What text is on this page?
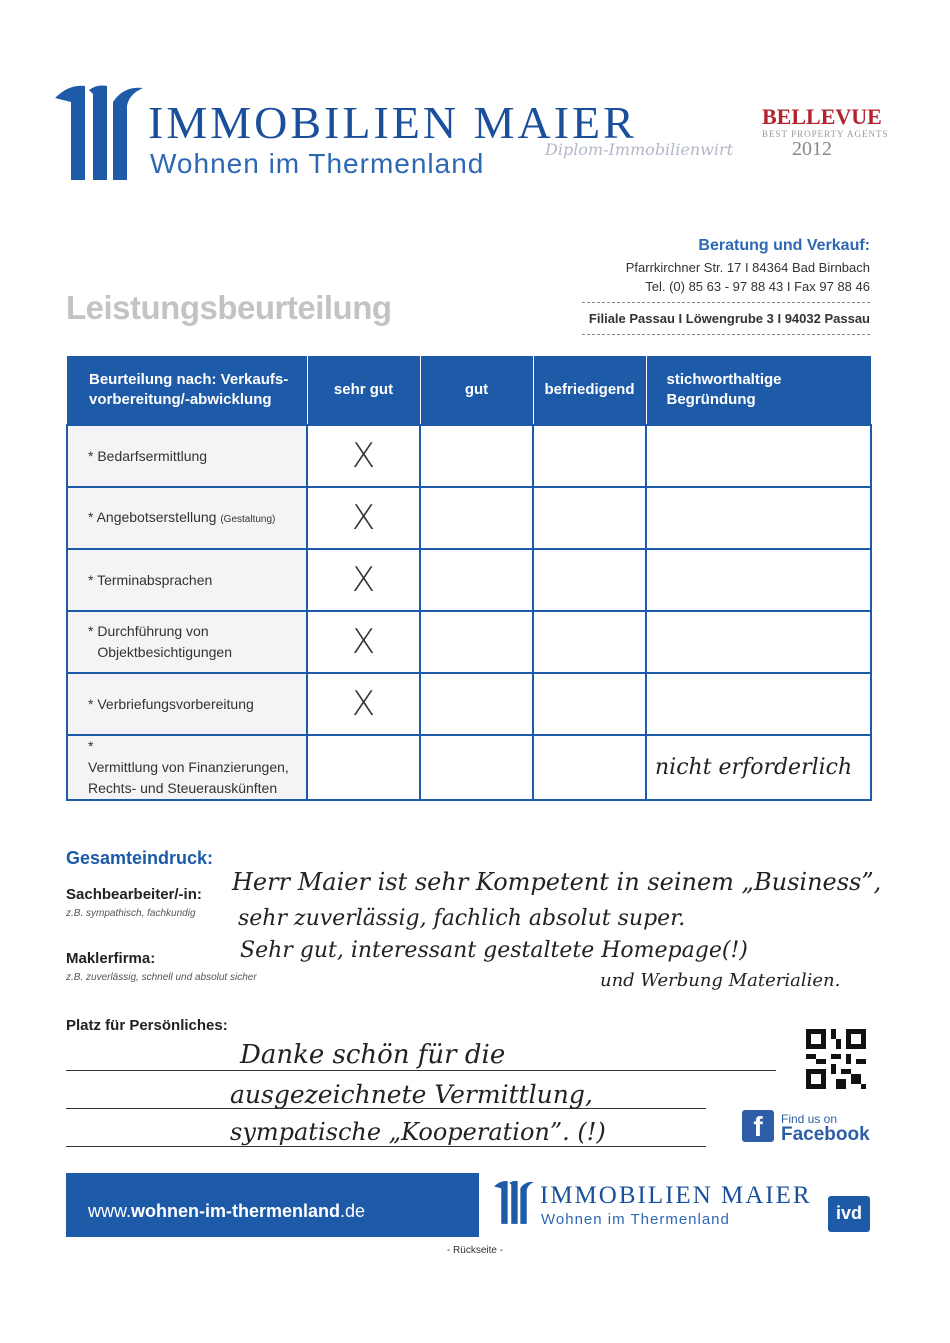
IMMOBILIEN MAIER
Wohnen im Thermenland	Diplom-Immobilienwirt
BELLEVUE
BEST PROPERTY AGENTS
2012
Beratung und Verkauf:
Pfarrkirchner Str. 17 I 84364 Bad Birnbach
Tel. (0) 85 63 - 97 88 43 I Fax 97 88 46
Filiale Passau I Löwengrube 3 I 94032 Passau
Leistungsbeurteilung
Beurteilung nach: Verkaufs-vorbereitung/-abwicklung	sehr gut	gut	befriedigend	stichworthaltige Begründung
* Bedarfsermittlung	X			
* Angebotserstellung (Gestaltung)	X			
* Terminabsprachen	X			
* Durchführung von Objektbesichtigungen	X			
* Verbriefungsvorbereitung	X			
* Vermittlung von Finanzierungen, Rechts- und Steuerauskünften				nicht erforderlich
Gesamteindruck:
Sachbearbeiter/-in:
z.B. sympathisch, fachkundig
Herr Maier ist sehr Kompetent in seinem „Business”,
sehr zuverlässig, fachlich absolut super.
Maklerfirma:
z.B. zuverlässig, schnell und absolut sicher
Sehr gut, interessant gestaltete Homepage(!)
und Werbung Materialien.
Platz für Persönliches:
Danke schön für die
ausgezeichnete Vermittlung,
sympatische „Kooperation”. (!)	f	Find us on
Facebook
www.wohnen-im-thermenland.de
IMMOBILIEN MAIER
Wohnen im Thermenland	ivd
- Rückseite -
